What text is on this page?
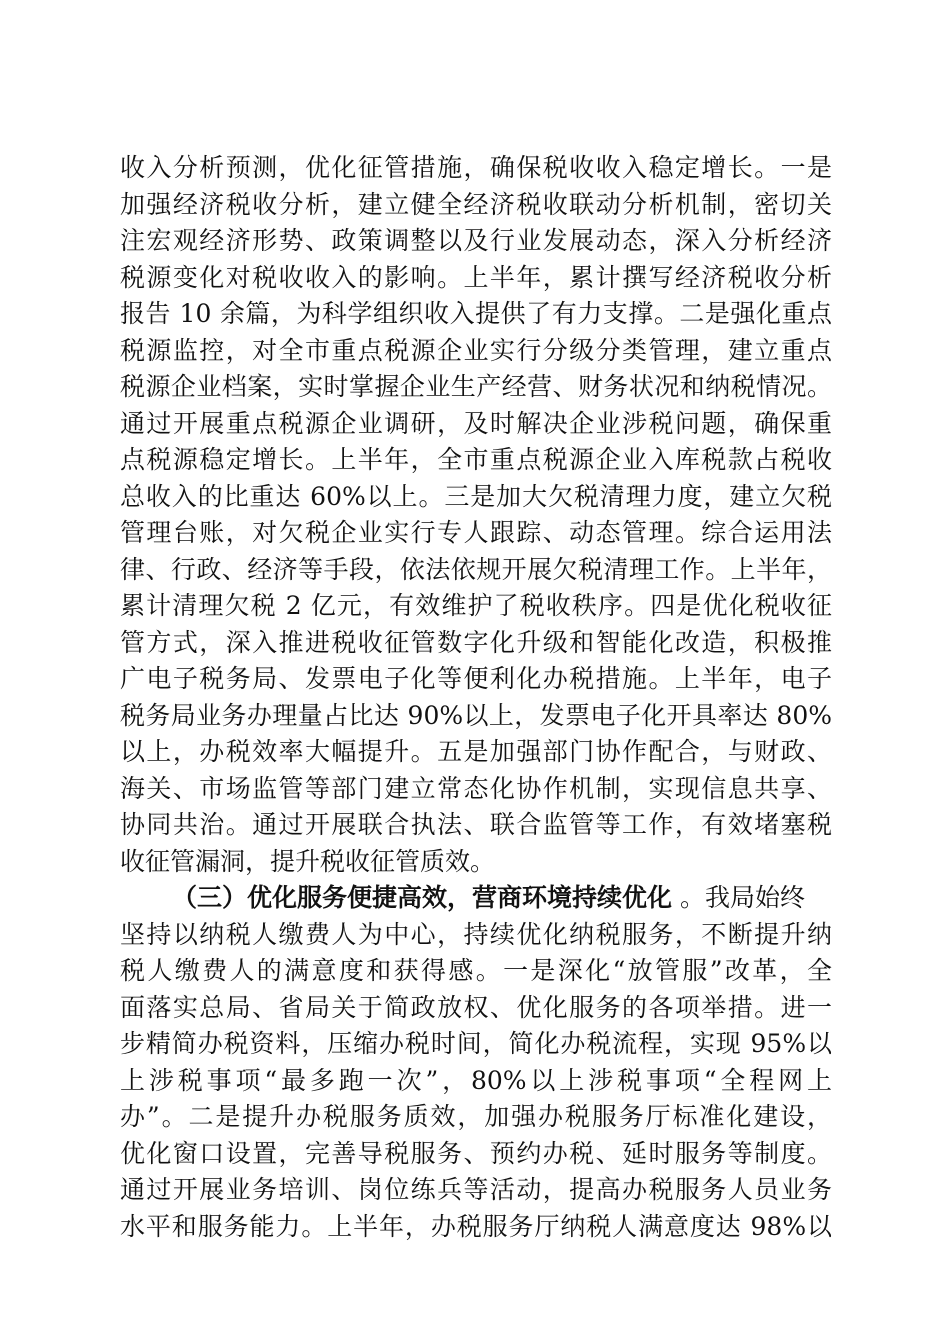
收入分析预测，优化征管措施，确保税收收入稳定增长。一是
加强经济税收分析，建立健全经济税收联动分析机制，密切关
注宏观经济形势、政策调整以及行业发展动态，深入分析经济
税源变化对税收收入的影响。上半年，累计撰写经济税收分析
报告 10 余篇，为科学组织收入提供了有力支撑。二是强化重点
税源监控，对全市重点税源企业实行分级分类管理，建立重点
税源企业档案，实时掌握企业生产经营、财务状况和纳税情况。
通过开展重点税源企业调研，及时解决企业涉税问题，确保重
点税源稳定增长。上半年，全市重点税源企业入库税款占税收
总收入的比重达 60%以上。三是加大欠税清理力度，建立欠税
管理台账，对欠税企业实行专人跟踪、动态管理。综合运用法
律、行政、经济等手段，依法依规开展欠税清理工作。上半年，
累计清理欠税 2 亿元，有效维护了税收秩序。四是优化税收征
管方式，深入推进税收征管数字化升级和智能化改造，积极推
广电子税务局、发票电子化等便利化办税措施。上半年，电子
税务局业务办理量占比达 90%以上，发票电子化开具率达 80%
以上，办税效率大幅提升。五是加强部门协作配合，与财政、
海关、市场监管等部门建立常态化协作机制，实现信息共享、
协同共治。通过开展联合执法、联合监管等工作，有效堵塞税
收征管漏洞，提升税收征管质效。
（三）优化服务便捷高效，营商环境持续优化 。我局始终
坚持以纳税人缴费人为中心，持续优化纳税服务，不断提升纳
税人缴费人的满意度和获得感。一是深化“放管服”改革，全
面落实总局、省局关于简政放权、优化服务的各项举措。进一
步精简办税资料，压缩办税时间，简化办税流程，实现 95%以
上涉税事项“最多跑一次”，80%以上涉税事项“全程网上
办”。二是提升办税服务质效，加强办税服务厅标准化建设，
优化窗口设置，完善导税服务、预约办税、延时服务等制度。
通过开展业务培训、岗位练兵等活动，提高办税服务人员业务
水平和服务能力。上半年，办税服务厅纳税人满意度达 98%以
